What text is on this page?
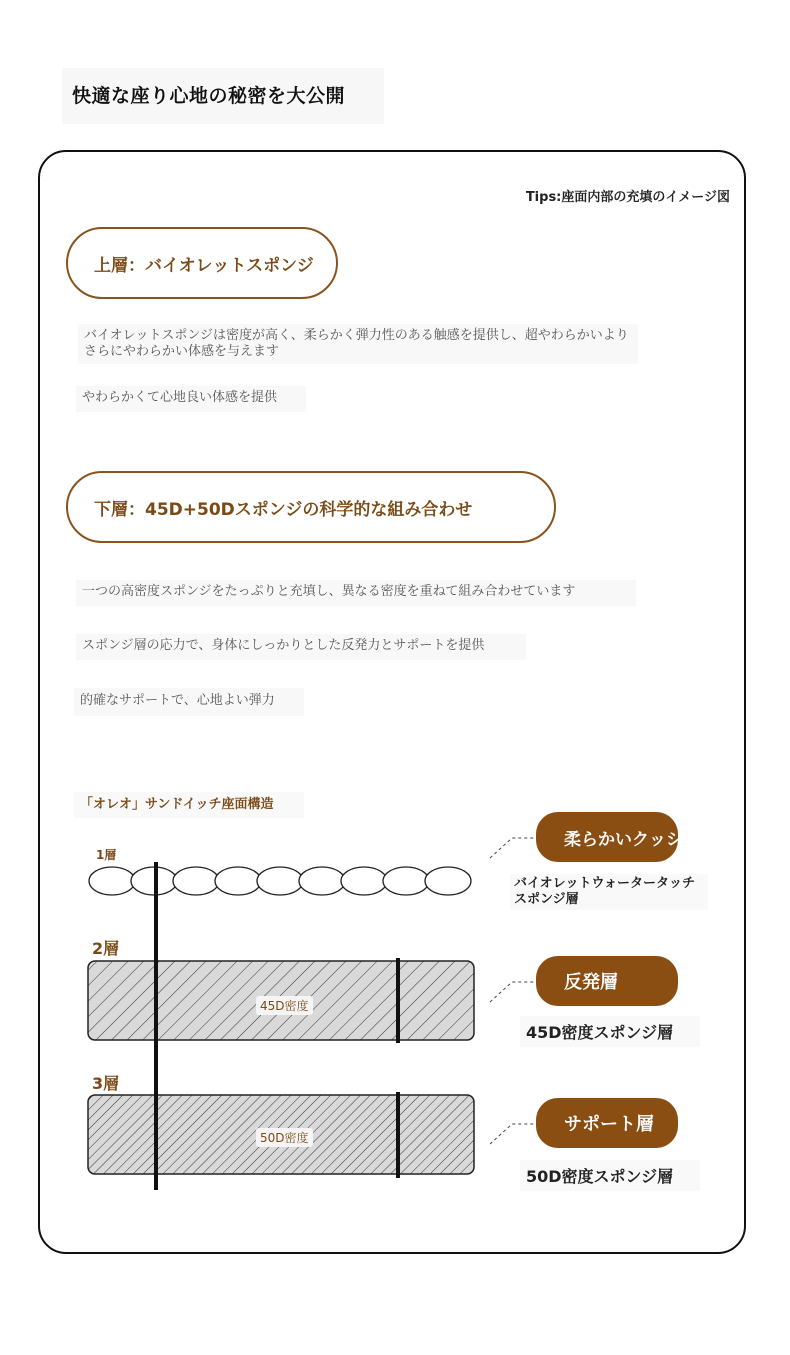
快適な座り心地の秘密を大公開
Tips:座面内部の充填のイメージ図
上層：バイオレットスポンジ
バイオレットスポンジは密度が高く、柔らかく弾力性のある触感を提供し、超やわらかいよりさらにやわらかい体感を与えます
やわらかくて心地良い体感を提供
下層：45D+50Dスポンジの科学的な組み合わせ
一つの高密度スポンジをたっぷりと充填し、異なる密度を重ねて組み合わせています
スポンジ層の応力で、身体にしっかりとした反発力とサポートを提供
的確なサポートで、心地よい弾力
「オレオ」サンドイッチ座面構造
1層
2層
3層
45D密度
50D密度
柔らかいクッション層
反発層
サポート層
バイオレットウォータータッチスポンジ層
45D密度スポンジ層
50D密度スポンジ層
